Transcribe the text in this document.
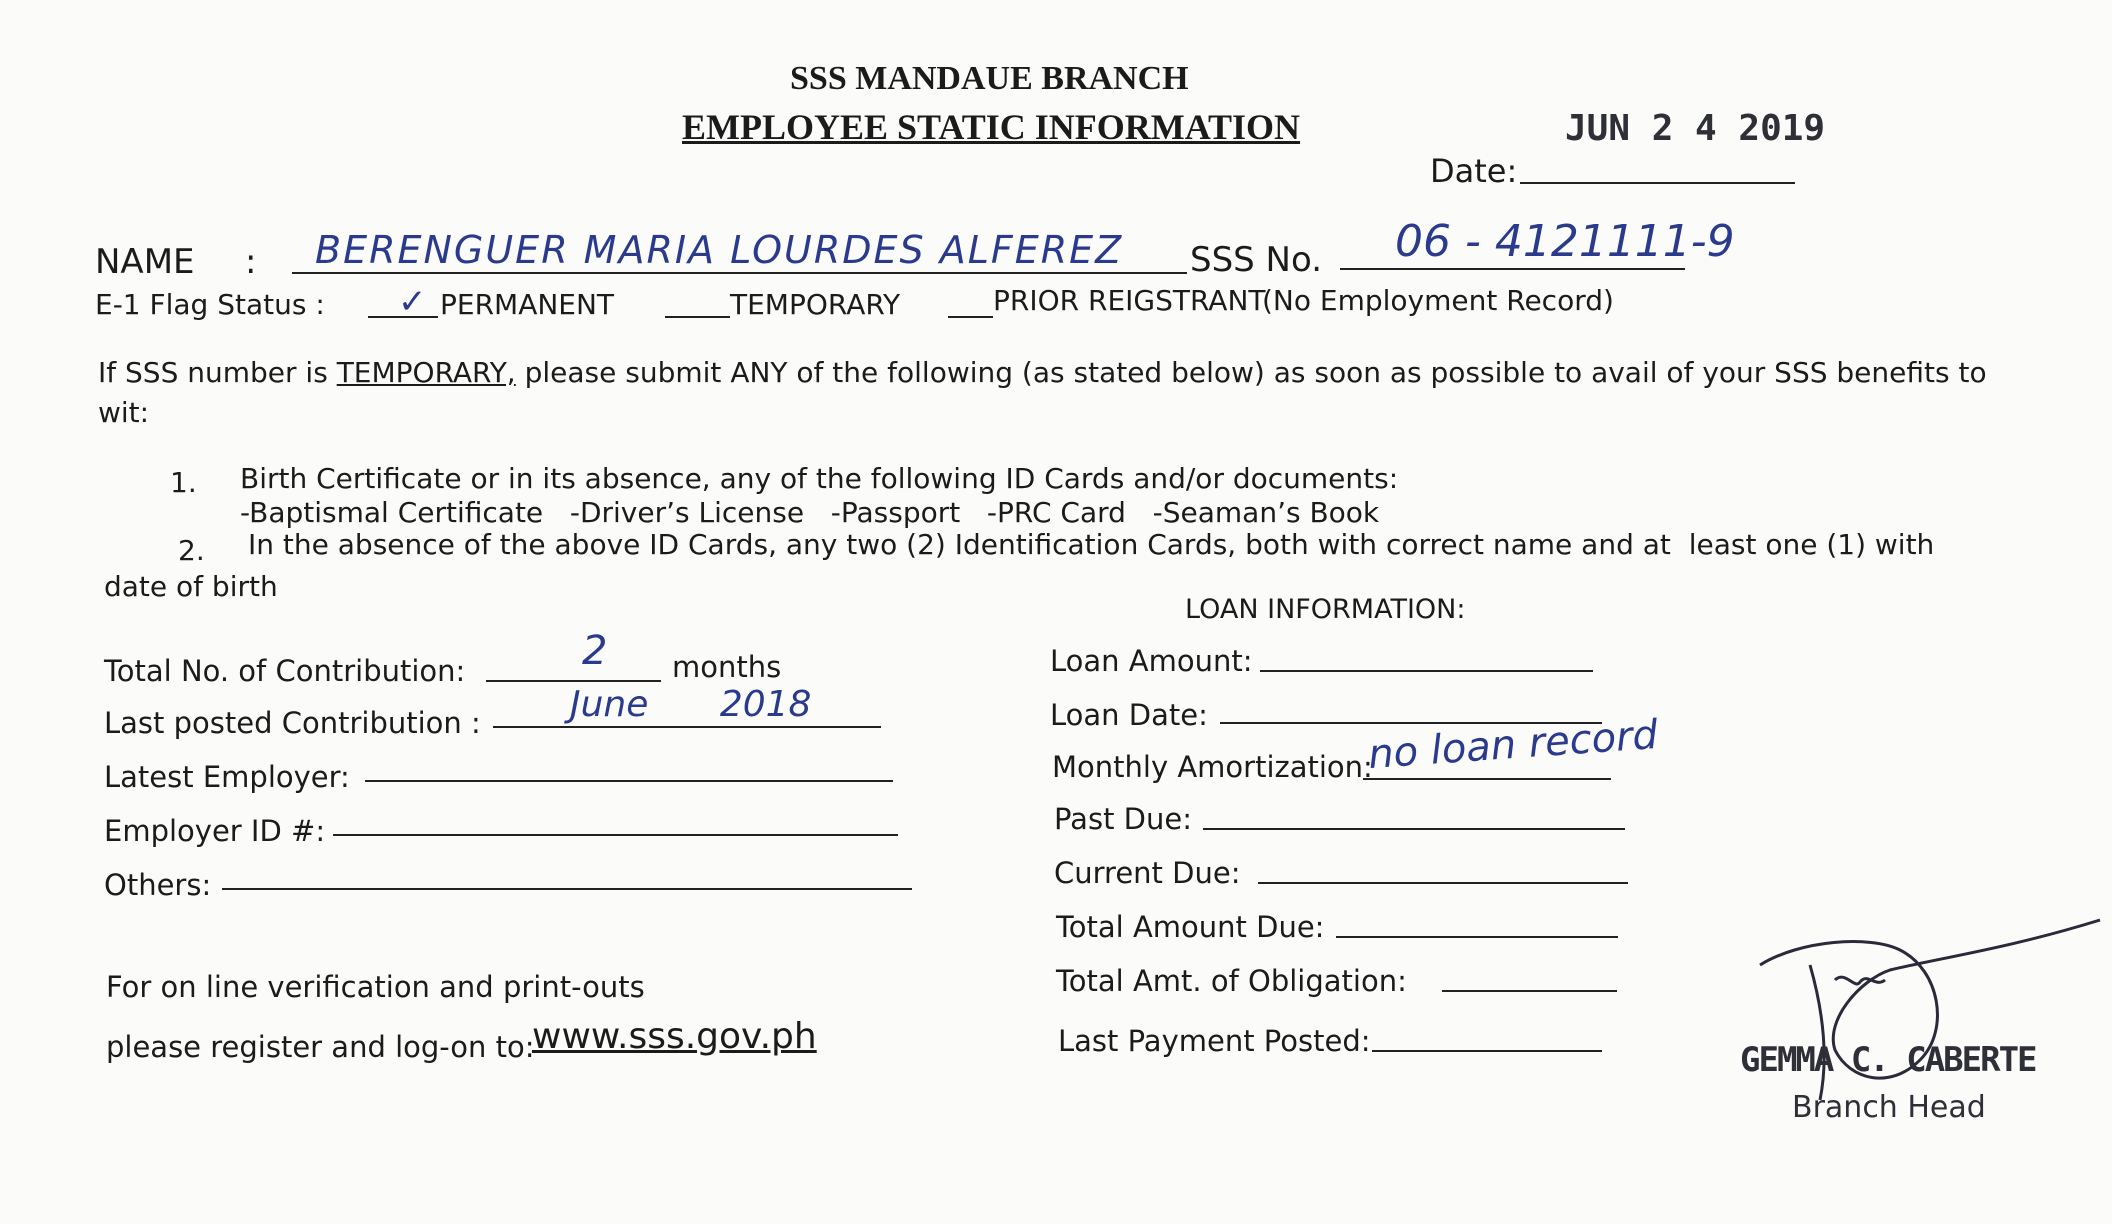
SSS MANDAUE BRANCH
EMPLOYEE STATIC INFORMATION	JUN 2 4 2019
Date:
NAME : BERENGUER MARIA LOURDES ALFEREZ SSS No. 06 - 4121111-9
E-1 Flag Status : ✓ PERMANENT	TEMPORARY	PRIOR REIGSTRANT
(No Employment Record)
If SSS number is TEMPORARY, please submit ANY of the following (as stated below) as soon as possible to avail of your SSS benefits to
wit:
1. Birth Certificate or in its absence, any of the following ID Cards and/or documents:
-Baptismal Certificate   -Driver’s License   -Passport   -PRC Card   -Seaman’s Book
2. In the absence of the above ID Cards, any two (2) Identification Cards, both with correct name and at  least one (1) with
date of birth
LOAN INFORMATION:
Total No. of Contribution:	2 months
Last posted Contribution : June 2018
Latest Employer:
Employer ID #:
Others:
Loan Amount:
Loan Date:
Monthly Amortization:
no loan record
Past Due:
Current Due:
Total Amount Due:
Total Amt. of Obligation:
Last Payment Posted:
For on line verification and print-outs
please register and log-on to:
www.sss.gov.ph
GEMMA C. CABERTE
Branch Head
